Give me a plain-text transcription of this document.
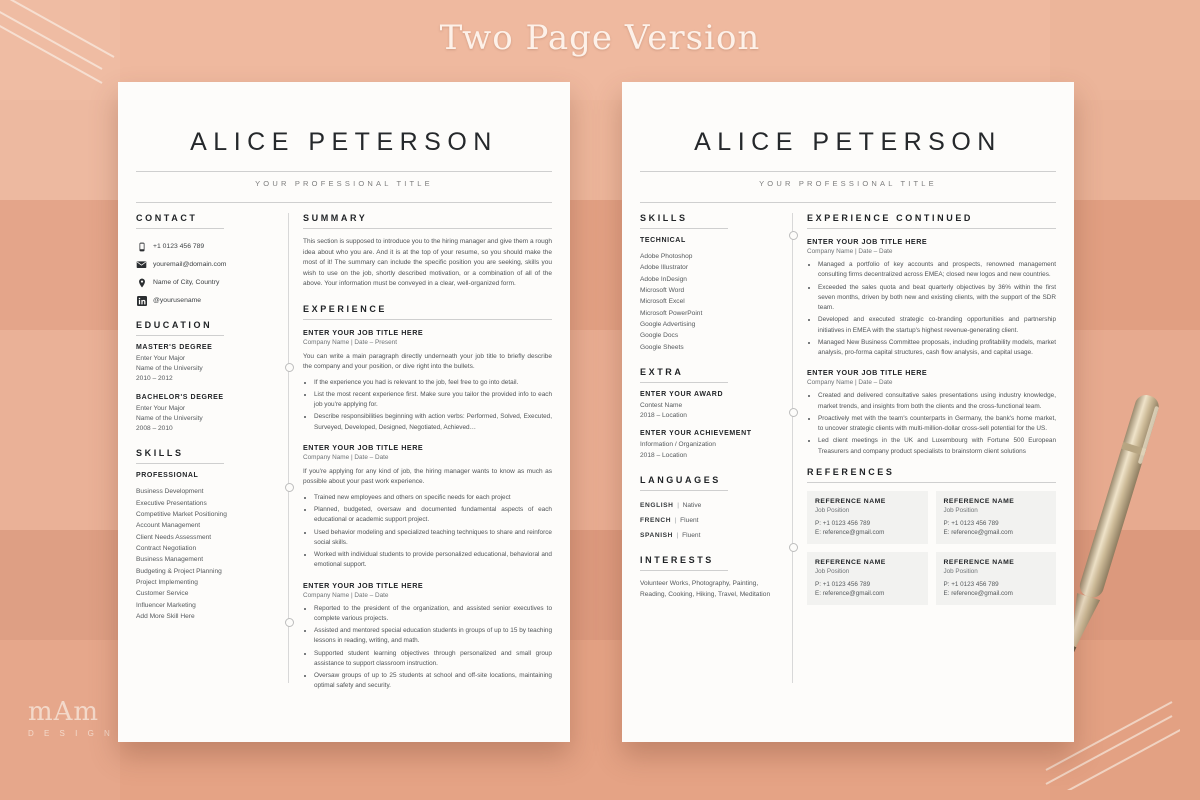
Two Page Version
mAm
D E S I G N
ALICE PETERSON
YOUR PROFESSIONAL TITLE
CONTACT
+1 0123 456 789
youremail@domain.com
Name of City, Country
@yourusename
EDUCATION
MASTER'S DEGREE
Enter Your Major
Name of the University
2010 – 2012
BACHELOR'S DEGREE
Enter Your Major
Name of the University
2008 – 2010
SKILLS
PROFESSIONAL
Business Development
Executive Presentations
Competitive Market Positioning
Account Management
Client Needs Assessment
Contract Negotiation
Business Management
Budgeting & Project Planning
Project Implementing
Customer Service
Influencer Marketing
Add More Skill Here
SUMMARY
This section is supposed to introduce you to the hiring manager and give them a rough idea about who you are. And it is at the top of your resume, so you should make the most of it! The summary can include the specific position you are seeking, skills you wish to use on the job, shortly described motivation, or a combination of all of the above. Your information must be conveyed in a clear, well-organized form.
EXPERIENCE
ENTER YOUR JOB TITLE HERE
Company Name | Date – Present
You can write a main paragraph directly underneath your job title to briefly describe the company and your position, or dive right into the bullets.
• If the experience you had is relevant to the job, feel free to go into detail.
• List the most recent experience first. Make sure you tailor the provided info to each job you're applying for.
• Describe responsibilities beginning with action verbs: Performed, Solved, Executed, Surveyed, Developed, Designed, Negotiated, Achieved…
ENTER YOUR JOB TITLE HERE
Company Name | Date – Date
If you're applying for any kind of job, the hiring manager wants to know as much as possible about your past work experience.
• Trained new employees and others on specific needs for each project
• Planned, budgeted, oversaw and documented fundamental aspects of each educational or academic support project.
• Used behavior modeling and specialized teaching techniques to share and reinforce social skills.
• Worked with individual students to provide personalized educational, behavioral and emotional support.
ENTER YOUR JOB TITLE HERE
Company Name | Date – Date
• Reported to the president of the organization, and assisted senior executives to complete various projects.
• Assisted and mentored special education students in groups of up to 15 by teaching lessons in reading, writing, and math.
• Supported student learning objectives through personalized and small group assistance to support classroom instruction.
• Oversaw groups of up to 25 students at school and off-site locations, maintaining optimal safety and security.
ALICE PETERSON
YOUR PROFESSIONAL TITLE
SKILLS
TECHNICAL
Adobe Photoshop
Adobe Illustrator
Adobe InDesign
Microsoft Word
Microsoft Excel
Microsoft PowerPoint
Google Advertising
Google Docs
Google Sheets
EXTRA
ENTER YOUR AWARD
Contest Name
2018 – Location
ENTER YOUR ACHIEVEMENT
Information / Organization
2018 – Location
LANGUAGES
ENGLISH  |  Native
FRENCH  |  Fluent
SPANISH  |  Fluent
INTERESTS
Volunteer Works, Photography, Painting, Reading, Cooking, Hiking, Travel, Meditation
EXPERIENCE CONTINUED
ENTER YOUR JOB TITLE HERE
Company Name | Date – Date
• Managed a portfolio of key accounts and prospects, renowned management consulting firms decentralized across EMEA; closed new logos and new countries.
• Exceeded the sales quota and beat quarterly objectives by 36% within the first seven months, driven by both new and existing clients, with the support of the SDR team.
• Developed and executed strategic co-branding opportunities and partnership initiatives in EMEA with the startup's highest revenue-generating client.
• Managed New Business Committee proposals, including profitability models, market analysis, pro-forma capital structures, cash flow analysis, and capital usage.
ENTER YOUR JOB TITLE HERE
Company Name | Date – Date
• Created and delivered consultative sales presentations using industry knowledge, market trends, and insights from both the clients and the cross-functional team.
• Proactively met with the team's counterparts in Germany, the bank's home market, to uncover strategic clients with multi-million-dollar cross-sell potential for the US.
• Led client meetings in the UK and Luxembourg with Fortune 500 European Treasurers and company product specialists to brainstorm client solutions
REFERENCES
REFERENCE NAME
Job Position
P: +1 0123 456 789
E: reference@gmail.com
REFERENCE NAME
Job Position
P: +1 0123 456 789
E: reference@gmail.com
REFERENCE NAME
Job Position
P: +1 0123 456 789
E: reference@gmail.com
REFERENCE NAME
Job Position
P: +1 0123 456 789
E: reference@gmail.com
